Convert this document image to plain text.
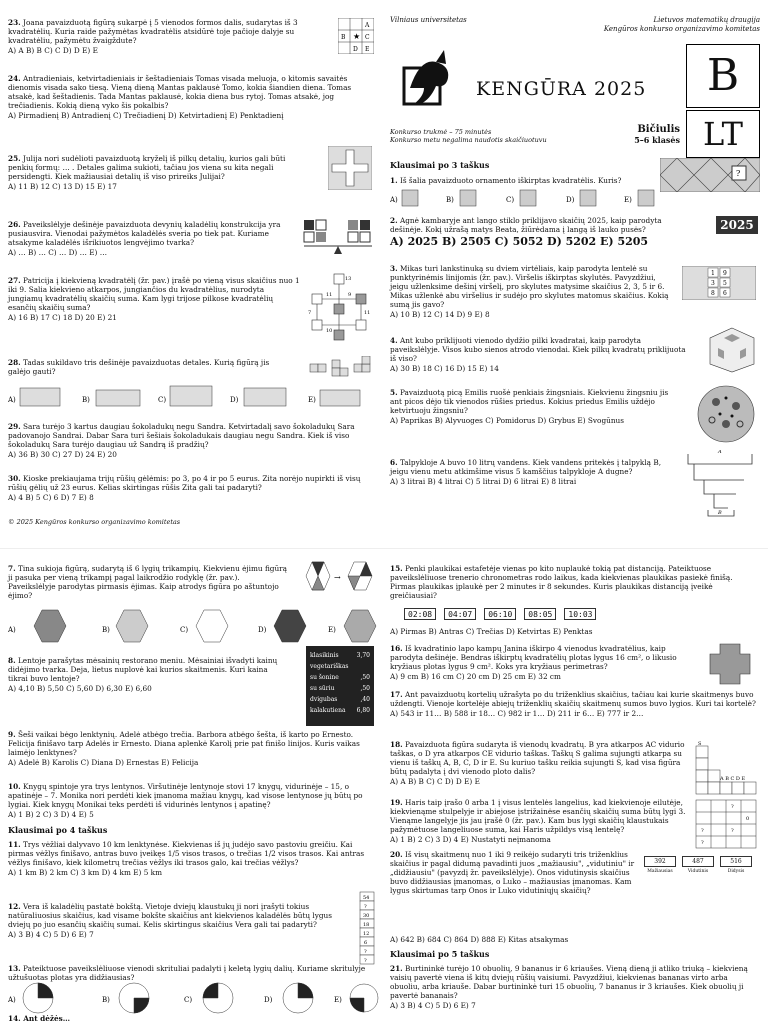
23. Joana pavaizduotą figūrą sukarpė į 5 vienodos formos dalis, sudarytas iš 3 kvadratėlių. Kuria raide pažymėtas kvadratėlis atsidūrė toje pačioje dalyje su kvadratėliu, pažymėtu žvaigždute?
A) A B) B C) C D) D E) E
A
B ★ C
D E
24. Antradieniais, ketvirtadieniais ir šeštadieniais Tomas visada meluoja, o kitomis savaitės dienomis visada sako tiesą. Vieną dieną Mantas paklausė Tomo, kokia šiandien diena. Tomas atsakė, kad šeštadienis. Tada Mantas paklausė, kokia diena bus rytoj. Tomas atsakė, jog trečiadienis. Kokią dieną vyko šis pokalbis?
A) Pirmadienį B) Antradienį C) Trečiadienį D) Ketvirtadienį E) Penktadienį
25. Julija nori sudėlioti pavaizduotą kryželį iš pilkų detalių, kurios gali būti penkių formų: … . Detales galima sukioti, tačiau jos viena su kita negali persidengti. Kiek mažiausiai detalių iš viso prireiks Julijai?
A) 11 B) 12 C) 13 D) 15 E) 17
26. Paveikslėlyje dešinėje pavaizduota devynių kaladėlių konstrukcija yra pusiausvira. Vienodai pažymėtos kaladėlės sveria po tiek pat. Kuriame atsakyme kaladėlės išrikiuotos lengvėjimo tvarka?
A) … B) … C) … D) … E) …
27. Patricija į kiekvieną kvadratėlį (žr. pav.) įrašė po vieną visus skaičius nuo 1 iki 9. Salia kiekvieno atkarpos, jungiančios du kvadratėlius, nurodyta jungiamų kvadratėlių skaičių suma. Kam lygi trijose pilkose kvadratėlių esančių skaičių suma?
A) 16 B) 17 C) 18 D) 20 E) 21
13
11	9
7	11
10
28. Tadas sukildavo tris dešinėje pavaizduotas detales. Kurią figūrą jis galėjo gauti?
A)	B)	C)	D)	E)
29. Sara turėjo 3 kartus daugiau šokoladukų negu Sandra. Ketvirtadalį savo šokoladukų Sara padovanojo Sandrai. Dabar Sara turi šešiais šokoladukais daugiau negu Sandra. Kiek iš viso šokoladukų Sara turėjo daugiau už Sandrą iš pradžių?
A) 36 B) 30 C) 27 D) 24 E) 20
30. Kioske prekiaujama trijų rūšių gėlėmis: po 3, po 4 ir po 5 eurus. Zita norėjo nupirkti iš visų rūšių gėlių už 23 eurus. Kelias skirtingas rūšis Zita gali tai padaryti?
A) 4 B) 5 C) 6 D) 7 E) 8
© 2025 Kengūros konkurso organizavimo komitetas
Vilniaus universitetas	Lietuvos matematikų draugija
Kengūros konkurso organizavimo komitetas
KENGŪRA 2025	B
LT
Konkurso trukmė – 75 minutės
Konkurso metu negalima naudotis skaičiuotuvu
Bičiulis
5–6 klasės
Klausimai po 3 taškus
1. Iš šalia pavaizduoto ornamento iškirptas kvadratėlis. Kuris?
?
A)	B)	C)	D)	E)
2. Agnė kambaryje ant lango stiklo priklijavo skaičių 2025, kaip parodyta dešinėje. Kokį užrašą matys Beata, žiūrėdama į langą iš lauko pusės?
A) 2025 B) 2505 C) 5052 D) 5202 E) 5205
2025
3. Mikas turi lankstinuką su dviem virtėliais, kaip parodyta lentelė su punktyrinėmis linijomis (žr. pav.). Viršelis iškirptas skylutės. Pavyzdžiui, jeigu užlenksime dešinį viršelį, pro skylutes matysime skaičius 2, 3, 5 ir 6. Mikas užlenkė abu viršelius ir sudėjo pro skylutes matomus skaičius. Kokią sumą jis gavo?
A) 10 B) 12 C) 14 D) 9 E) 8
1 9
3 5
8 6
4. Ant kubo priklijuoti vienodo dydžio pilki kvadratai, kaip parodyta paveikslėlyje. Visos kubo sienos atrodo vienodai. Kiek pilkų kvadratų priklijuota iš viso?
A) 30 B) 18 C) 16 D) 15 E) 14
5. Pavaizduotą picą Emilis ruošė penkiais žingsniais. Kiekvienu žingsniu jis ant picos dėjo tik vienodos rūšies priedus. Kokius priedus Emilis uždėjo ketvirtuoju žingsniu?
A) Paprikas B) Alyvuoges C) Pomidorus D) Grybus E) Svogūnus
6. Talpykloje A buvo 10 litrų vandens. Kiek vandens pritekės į talpyklą B, jeigu vienu metu atkimšime visus 5 kamščius talpykloje A dugne?
A) 3 litrai B) 4 litrai C) 5 litrai D) 6 litrai E) 8 litrai
A
B
7. Tina sukioja figūrą, sudarytą iš 6 lygių trikampių. Kiekvienu ėjimu figūrą ji pasuka per vieną trikampį pagal laikrodžio rodyklę (žr. pav.). Paveikslėlyje parodytas pirmasis ėjimas. Kaip atrodys figūra po aštuntojo ėjimo?
→
A)	B)	C)	D)	E)
8. Lentoje parašytas mėsainių restorano meniu. Mėsainiai išvadyti kainų didėjimo tvarka. Deja, lietus nuplovė kai kurios skaitmenis. Kuri kaina tikrai buvo lentoje?
A) 4,10 B) 5,50 C) 5,60 D) 6,30 E) 6,60
klasikinis	3,70
vegetariškas
su šonine	,50
su sūriu	,50
dvigubas	,40
kalakutiena 6,80
9. Šeši vaikai bėgo lenktynių. Adelė atbėgo trečia. Barbora atbėgo šešta, iš karto po Ernesto. Felicija finišavo tarp Adelės ir Ernesto. Diana aplenkė Karolį prie pat finišo linijos. Kuris vaikas laimėjo lenktynes?
A) Adelė B) Karolis C) Diana D) Ernestas E) Felicija
10. Knygų spintoje yra trys lentynos. Viršutinėje lentynoje stovi 17 knygų, vidurinėje – 15, o apatinėje – 7. Monika nori perdėti kiek įmanoma mažiau knygų, kad visose lentynose jų būtų po lygiai. Kiek knygų Monikai teks perdėti iš vidurinės lentynos į apatinę?
A) 1 B) 2 C) 3 D) 4 E) 5
Klausimai po 4 taškus
11. Trys vėžliai dalyvavo 10 km lenktynėse. Kiekvienas iš jų judėjo savo pastoviu greičiu. Kai pirmas vėžlys finišavo, antras buvo įveikęs 1/5 visos trasos, o trečias 1/2 visos trasos. Kai antras vėžlys finišavo, kiek kilometrų trečias vėžlys iki trasos galo, kai trečias vėžlys?
A) 1 km B) 2 km C) 3 km D) 4 km E) 5 km
12. Vera iš kaladėlių pastatė bokštą. Vietoje dviejų klaustukų ji nori įrašyti tokius natūraliuosius skaičius, kad visame bokšte skaičius ant kiekvienos kaladėlės būtų lygus dviejų po juo esančių skaičių sumai. Kelis skirtingus skaičius Vera gali tai padaryti?
A) 3 B) 4 C) 5 D) 6 E) 7
54
?
30
18
12
6
?
?
13. Pateiktuose paveikslėliuose vienodi skrituliai padalyti į keletą lygių dalių. Kuriame skritulyje užtušuotas plotas yra didžiausias?
A)	B)	C)	D)	E)
14. Ant dėžės…
15. Penki plaukikai estafetėje vienas po kito nuplaukė tokią pat distanciją. Pateiktuose paveikslėliuose trenerio chronometras rodo laikus, kada kiekvienas plaukikas pasiekė finišą. Pirmas plaukikas įplaukė per 2 minutes ir 8 sekundes. Kuris plaukikas distanciją įveikė greičiausiai?
02:08	04:07	06:10	08:05	10:03
A) Pirmas B) Antras C) Trečias D) Ketvirtas E) Penktas
16. Iš kvadratinio lapo kampų Janina iškirpo 4 vienodus kvadratėlius, kaip parodyta dešinėje. Bendras iškirptų kvadratėlių plotas lygus 16 cm², o likusio kryžiaus plotas lygus 9 cm². Koks yra kryžiaus perimetras?
A) 9 cm B) 16 cm C) 20 cm D) 25 cm E) 32 cm
17. Ant pavaizduotų kortelių užrašyta po du triženklius skaičius, tačiau kai kurie skaitmenys buvo uždengti. Vienoje kortelėje abiejų triženklių skaičių skaitmenų sumos buvo lygios. Kuri tai kortelė?
A) 543 ir 11… B) 588 ir 18… C) 982 ir 1… D) 211 ir 6… E) 777 ir 2…
18. Pavaizduota figūra sudaryta iš vienodų kvadratų. B yra atkarpos AC vidurio taškas, o D yra atkarpos CE vidurio taškas. Taškų S galima sujungti atkarpa su vienu iš taškų A, B, C, D ir E. Su kuriuo tašku reikia sujungti S, kad visa figūra būtų padalyta į dvi vienodo ploto dalis?
A) A B) B C) C D) D E) E
S
A B C D E
19. Haris taip įrašo 0 arba 1 į visus lentelės langelius, kad kiekvienoje eilutėje, kiekvienąme stulpelyje ir abiejose įstrižainėse esančių skaičių suma būtų lygi 3. Vienąme langelyje jis jau įrašė 0 (žr. pav.). Kam bus lygi skaičių klaustukais pažymėtuose langeliuose suma, kai Haris užpildys visą lentelę?
A) 1 B) 2 C) 3 D) 4 E) Nustatyti neįmanoma
?
0
?	?
?
20. Iš visų skaitmenų nuo 1 iki 9 reikėjo sudaryti tris triženklius skaičius ir pagal didumą pavadinti juos „mažiausiu", „vidutiniu" ir „didžiausiu" (pavyzdį žr. paveikslėlyje). Onos vidutinysis skaičius buvo didžiausias įmanomas, o Luko – mažiausias įmanomas. Kam lygus skirtumas tarp Onos ir Luko vidutiniųjų skaičių?
392
Mažiausias
487
Vidutinis
516
Didysis
A) 642 B) 684 C) 864 D) 888 E) Kitas atsakymas
Klausimai po 5 taškus
21. Burtininkė turėjo 10 obuolių, 9 bananus ir 6 kriaušes. Vieną dieną ji atliko triuką – kiekvieną vaisių pavertė viena iš kitų dviejų rūšių vaisiumi. Pavyzdžiui, kiekvienas bananas virto arba obuoliu, arba kriauše. Dabar burtininkė turi 15 obuolių, 7 bananus ir 3 kriaušes. Kiek obuolių ji pavertė bananais?
A) 3 B) 4 C) 5 D) 6 E) 7
